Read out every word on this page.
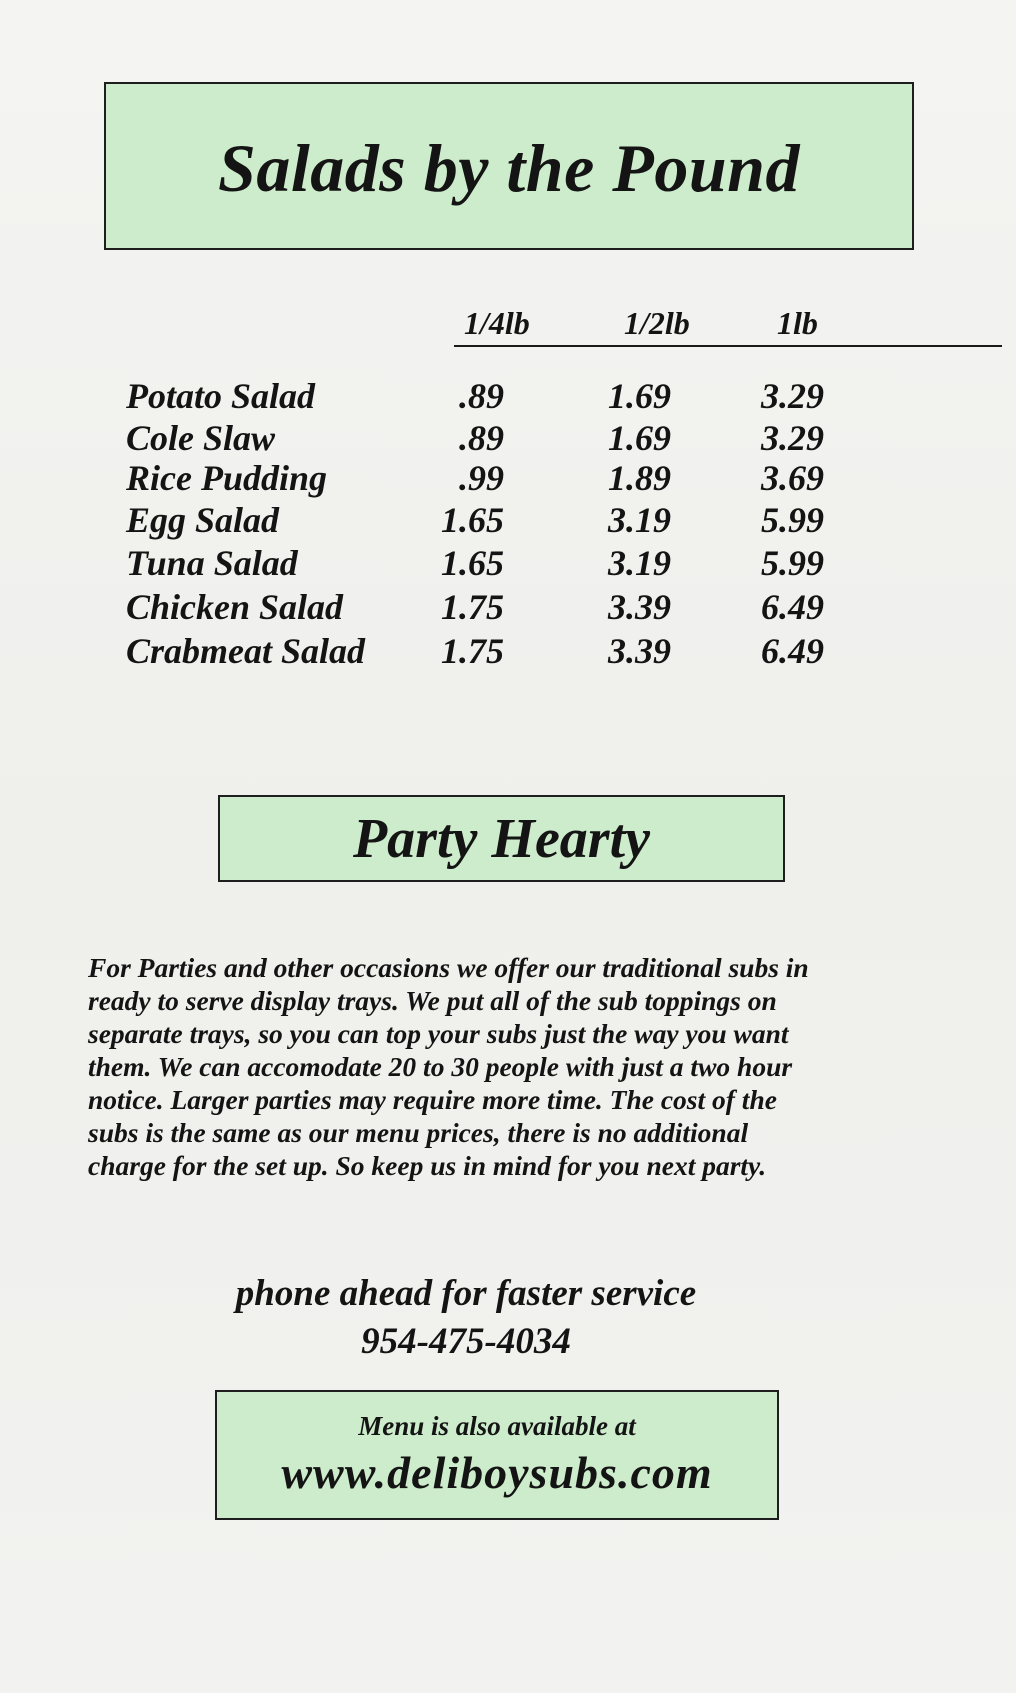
Salads by the Pound
1/4lb	1/2lb	1lb
Potato Salad	.89	1.69	3.29
Cole Slaw	.89	1.69	3.29
Rice Pudding	.99	1.89	3.69
Egg Salad	1.65	3.19	5.99
Tuna Salad	1.65	3.19	5.99
Chicken Salad	1.75	3.39	6.49
Crabmeat Salad 1.75	3.39	6.49
Party Hearty
For Parties and other occasions we offer our traditional subs in
ready to serve display trays. We put all of the sub toppings on
separate trays, so you can top your subs just the way you want
them. We can accomodate 20 to 30 people with just a two hour
notice. Larger parties may require more time. The cost of the
subs is the same as our menu prices, there is no additional
charge for the set up. So keep us in mind for you next party.
phone ahead for faster service
954-475-4034
Menu is also available at
www.deliboysubs.com
